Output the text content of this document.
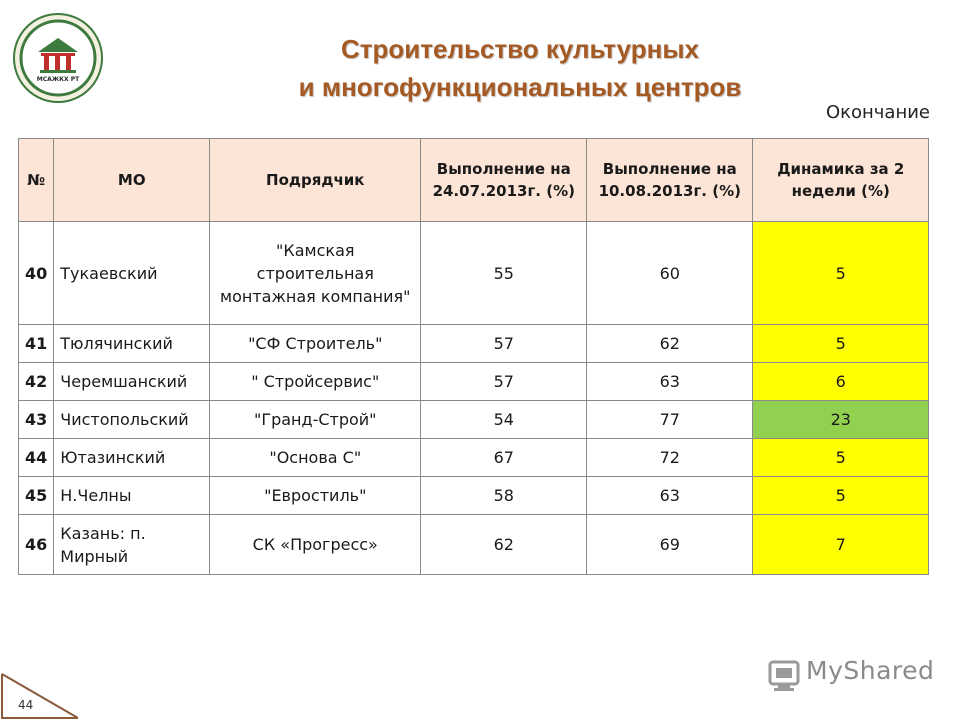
МСАЖКХ РТ
Строительство культурных
и многофункциональных центров
Окончание
№	МО	Подрядчик	Выполнение на 24.07.2013г. (%)	Выполнение на 10.08.2013г. (%)	Динамика за 2 недели (%)
40	Тукаевский	"Камская строительная монтажная компания"	55	60	5
41	Тюлячинский	"СФ Строитель"	57	62	5
42	Черемшанский	" Стройсервис"	57	63	6
43	Чистопольский	"Гранд-Строй"	54	77	23
44	Ютазинский	"Основа С"	67	72	5
45	Н.Челны	"Евростиль"	58	63	5
46	Казань: п. Мирный	СК «Прогресс»	62	69	7
44
MyShared
